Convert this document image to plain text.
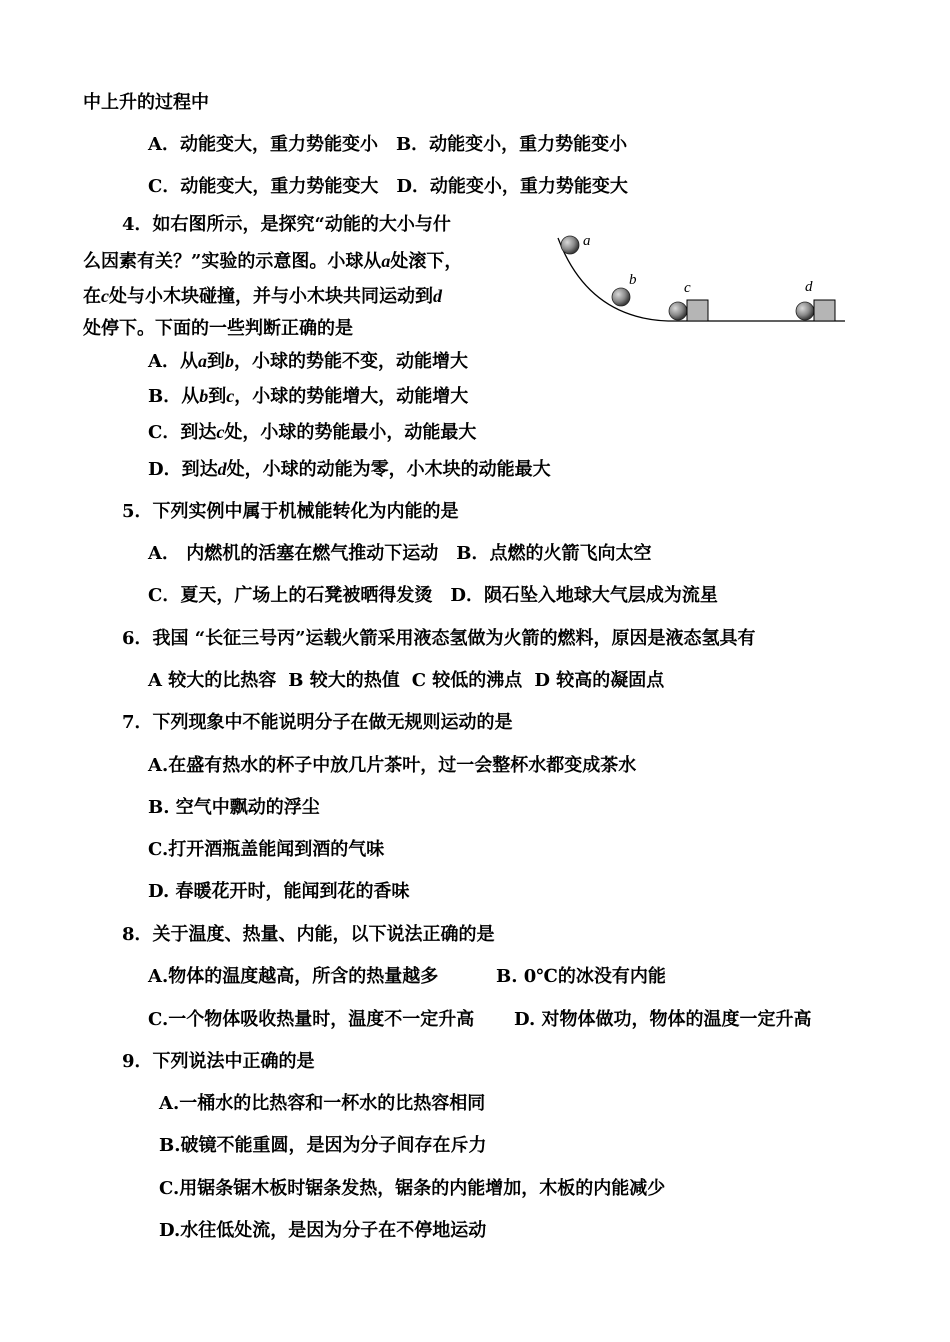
中上升的过程中
A．动能变大，重力势能变小 B．动能变小，重力势能变小
C．动能变大，重力势能变大 D．动能变小，重力势能变大
4．如右图所示，是探究“动能的大小与什
么因素有关？”实验的示意图。小球从a处滚下，
在c处与小木块碰撞，并与小木块共同运动到d
处停下。下面的一些判断正确的是
A．从a到b，小球的势能不变，动能增大
B．从b到c，小球的势能增大，动能增大
C．到达c处，小球的势能最小，动能最大
D．到达d处，小球的动能为零，小木块的动能最大
a
b	c	d
5．下列实例中属于机械能转化为内能的是
A． 内燃机的活塞在燃气推动下运动 B．点燃的火箭飞向太空
C．夏天，广场上的石凳被晒得发烫 D．陨石坠入地球大气层成为流星
6．我国 “长征三号丙”运载火箭采用液态氢做为火箭的燃料，原因是液态氢具有
A 较大的比热容 B 较大的热值 C 较低的沸点 D 较高的凝固点
7．下列现象中不能说明分子在做无规则运动的是
A.在盛有热水的杯子中放几片茶叶，过一会整杯水都变成茶水
B. 空气中飘动的浮尘
C.打开酒瓶盖能闻到酒的气味
D. 春暖花开时，能闻到花的香味
8．关于温度、热量、内能，以下说法正确的是
A.物体的温度越高，所含的热量越多	B. 0℃的冰没有内能
C.一个物体吸收热量时，温度不一定升高 D. 对物体做功，物体的温度一定升高
9．下列说法中正确的是
A.一桶水的比热容和一杯水的比热容相同
B.破镜不能重圆，是因为分子间存在斥力
C.用锯条锯木板时锯条发热，锯条的内能增加，木板的内能减少
D.水往低处流，是因为分子在不停地运动
